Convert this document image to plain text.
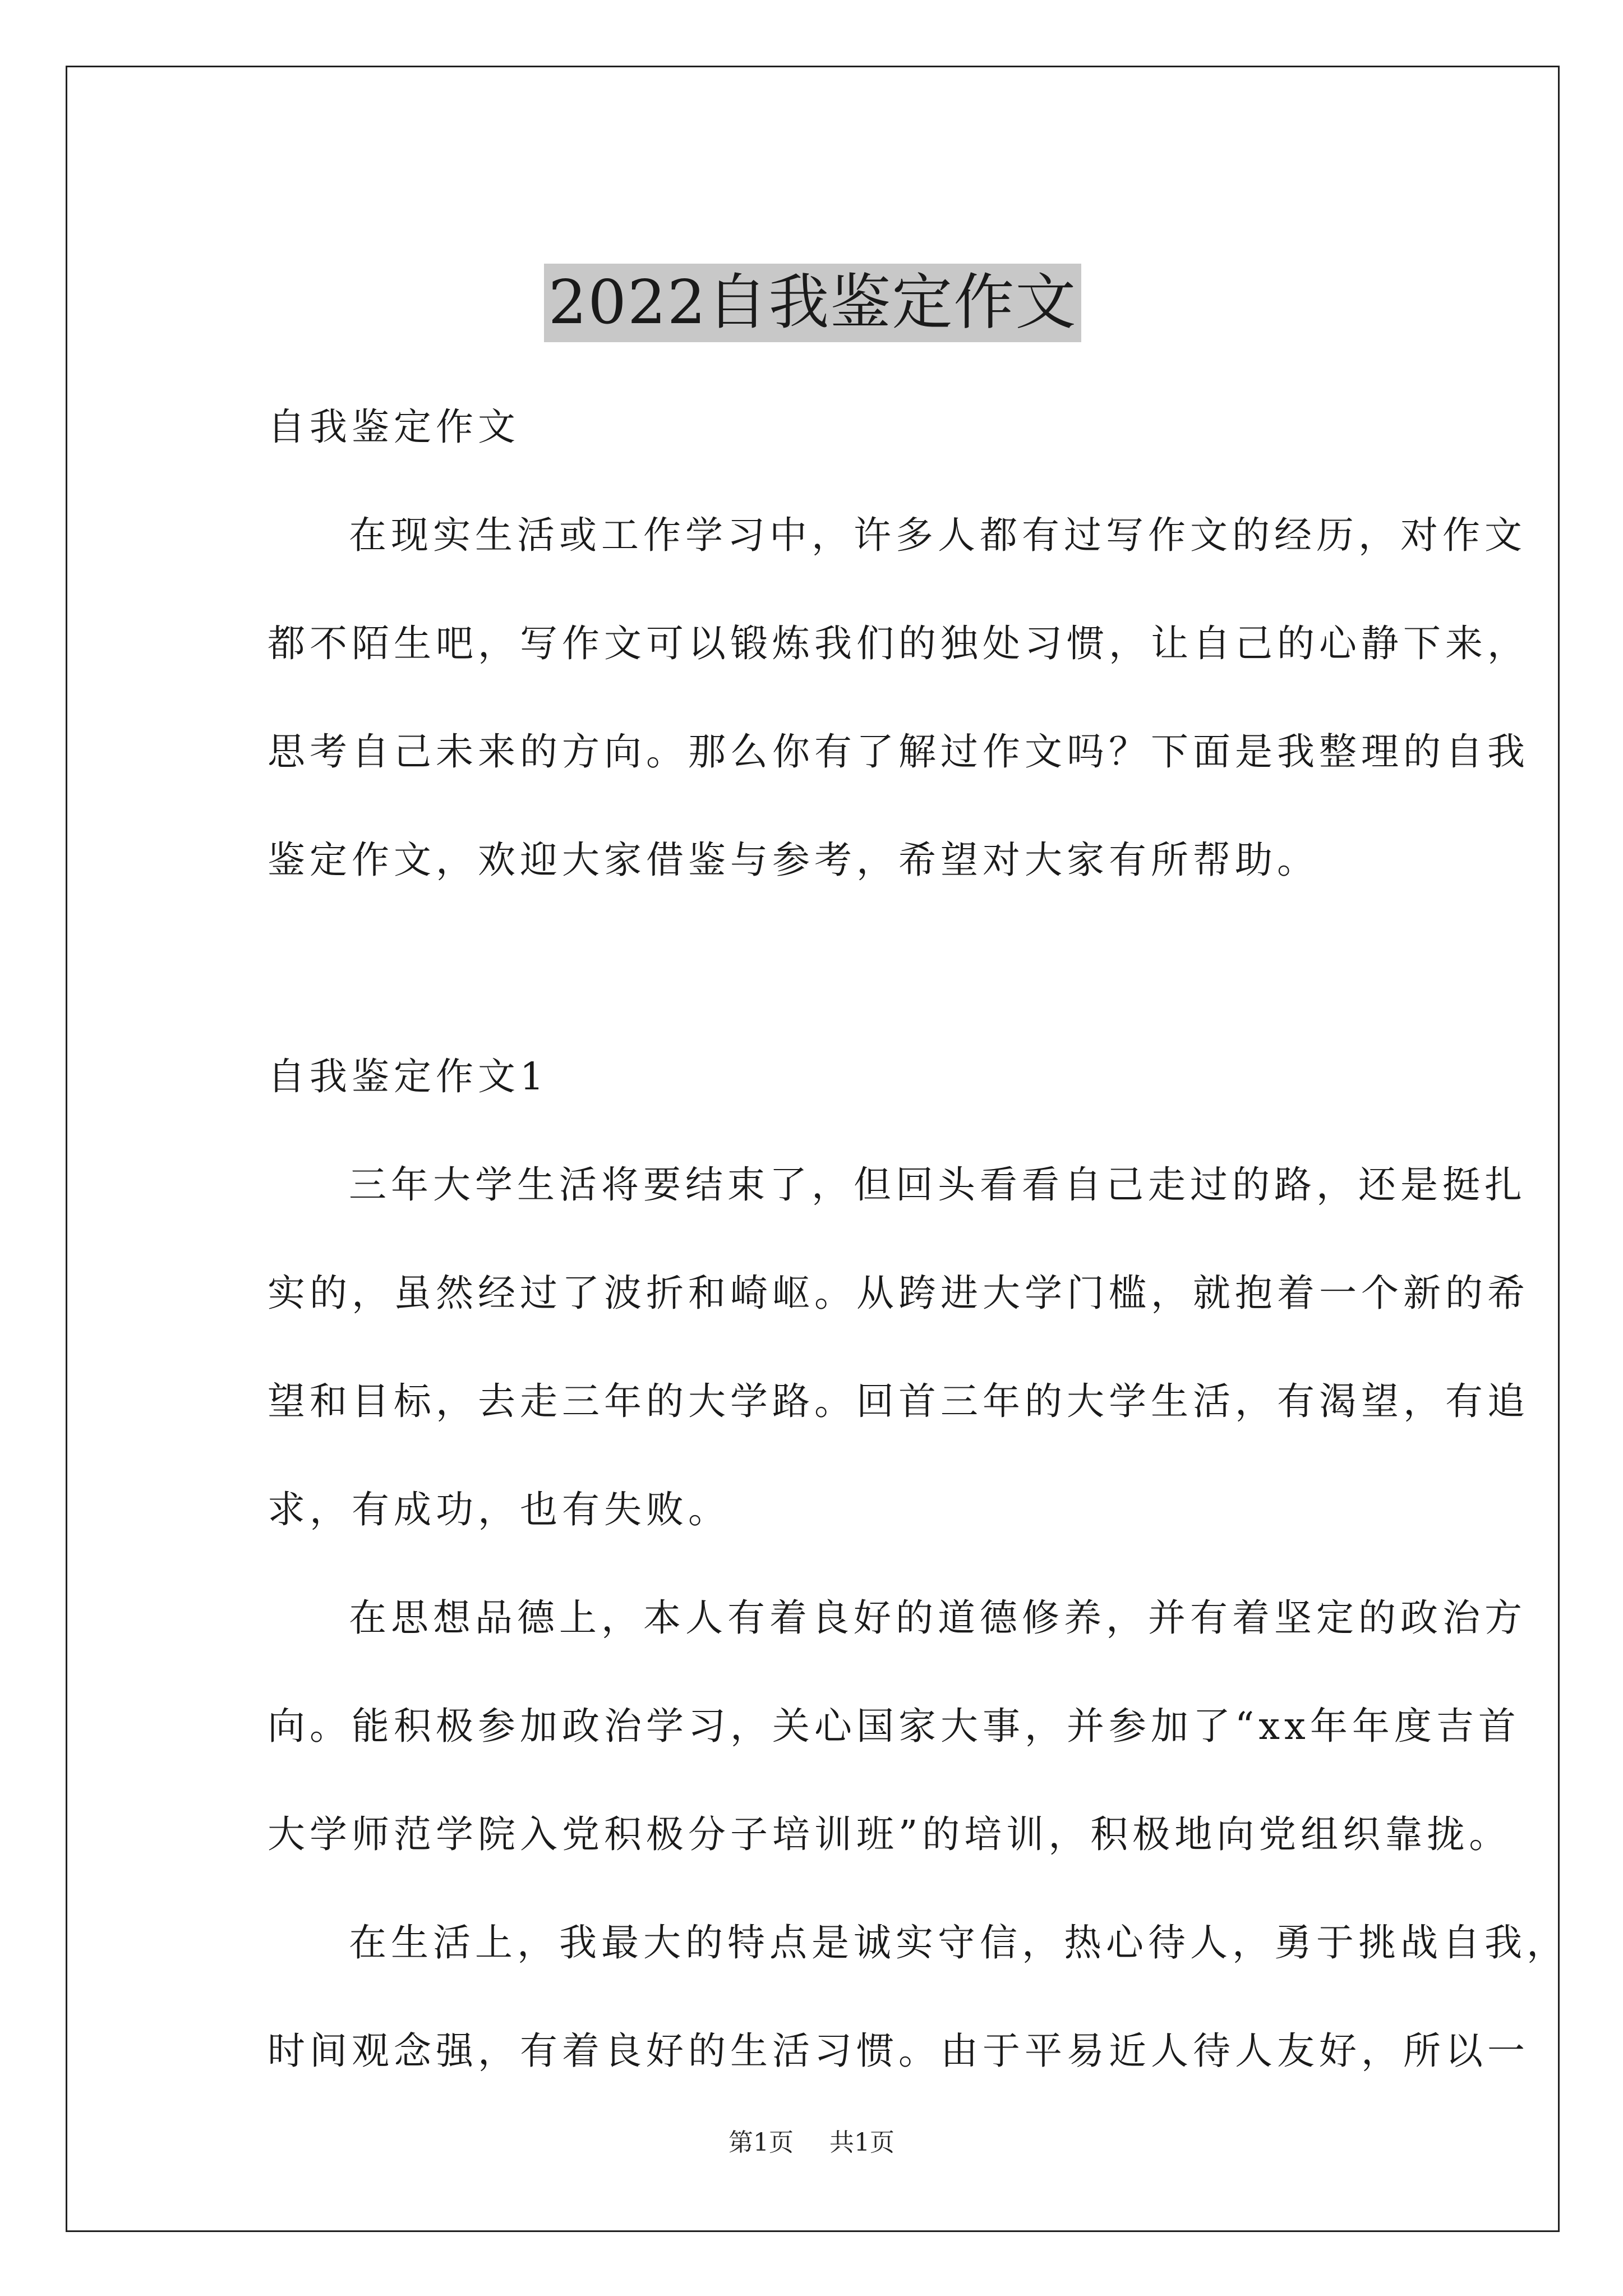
2022自我鉴定作文

自我鉴定作文

在现实生活或工作学习中，许多人都有过写作文的经历，对作文

都不陌生吧，写作文可以锻炼我们的独处习惯，让自己的心静下来，

思考自己未来的方向。那么你有了解过作文吗？下面是我整理的自我

鉴定作文，欢迎大家借鉴与参考，希望对大家有所帮助。

自我鉴定作文1

三年大学生活将要结束了，但回头看看自己走过的路，还是挺扎

实的，虽然经过了波折和崎岖。从跨进大学门槛，就抱着一个新的希

望和目标，去走三年的大学路。回首三年的大学生活，有渴望，有追

求，有成功，也有失败。

在思想品德上，本人有着良好的道德修养，并有着坚定的政治方

向。能积极参加政治学习，关心国家大事，并参加了“xx年年度吉首

大学师范学院入党积极分子培训班”的培训，积极地向党组织靠拢。

在生活上，我最大的特点是诚实守信，热心待人，勇于挑战自我，

时间观念强，有着良好的生活习惯。由于平易近人待人友好，所以一

第1页 共1页
